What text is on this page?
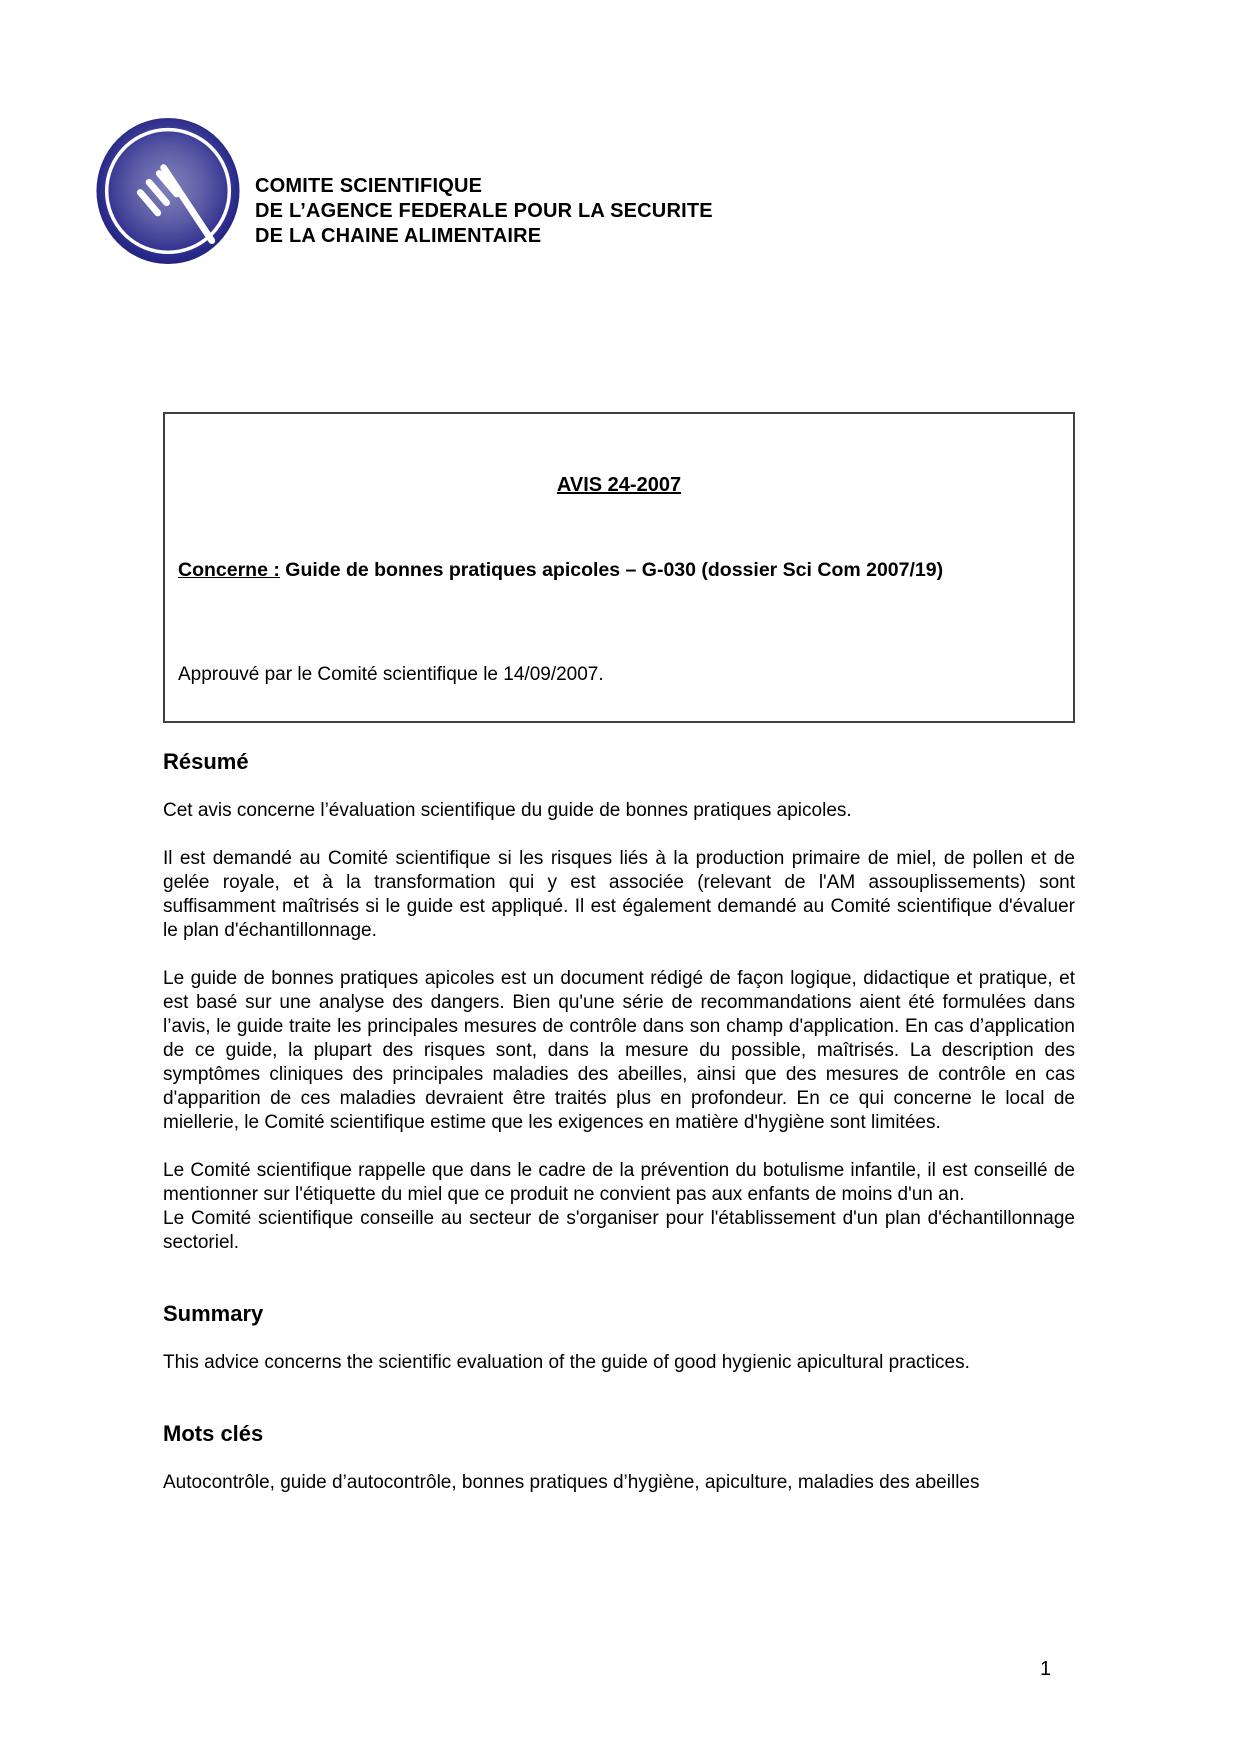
COMITE SCIENTIFIQUE
DE L’AGENCE FEDERALE POUR LA SECURITE
DE LA CHAINE ALIMENTAIRE
AVIS 24-2007

Concerne : Guide de bonnes pratiques apicoles – G-030 (dossier Sci Com 2007/19)

Approuvé par le Comité scientifique le 14/09/2007.

Résumé

Cet avis concerne l’évaluation scientifique du guide de bonnes pratiques apicoles.

Il est demandé au Comité scientifique si les risques liés à la production primaire de miel, de pollen et de gelée royale, et à la transformation qui y est associée (relevant de l'AM assouplissements) sont suffisamment maîtrisés si le guide est appliqué. Il est également demandé au Comité scientifique d'évaluer le plan d'échantillonnage.

Le guide de bonnes pratiques apicoles est un document rédigé de façon logique, didactique et pratique, et est basé sur une analyse des dangers. Bien qu'une série de recommandations aient été formulées dans l’avis, le guide traite les principales mesures de contrôle dans son champ d'application. En cas d’application de ce guide, la plupart des risques sont, dans la mesure du possible, maîtrisés. La description des symptômes cliniques des principales maladies des abeilles, ainsi que des mesures de contrôle en cas d'apparition de ces maladies devraient être traités plus en profondeur. En ce qui concerne le local de miellerie, le Comité scientifique estime que les exigences en matière d'hygiène sont limitées.

Le Comité scientifique rappelle que dans le cadre de la prévention du botulisme infantile, il est conseillé de mentionner sur l'étiquette du miel que ce produit ne convient pas aux enfants de moins d'un an.

Le Comité scientifique conseille au secteur de s'organiser pour l'établissement d'un plan d'échantillonnage sectoriel.

Summary

This advice concerns the scientific evaluation of the guide of good hygienic apicultural practices.

Mots clés

Autocontrôle, guide d’autocontrôle, bonnes pratiques d’hygiène, apiculture, maladies des abeilles

1
